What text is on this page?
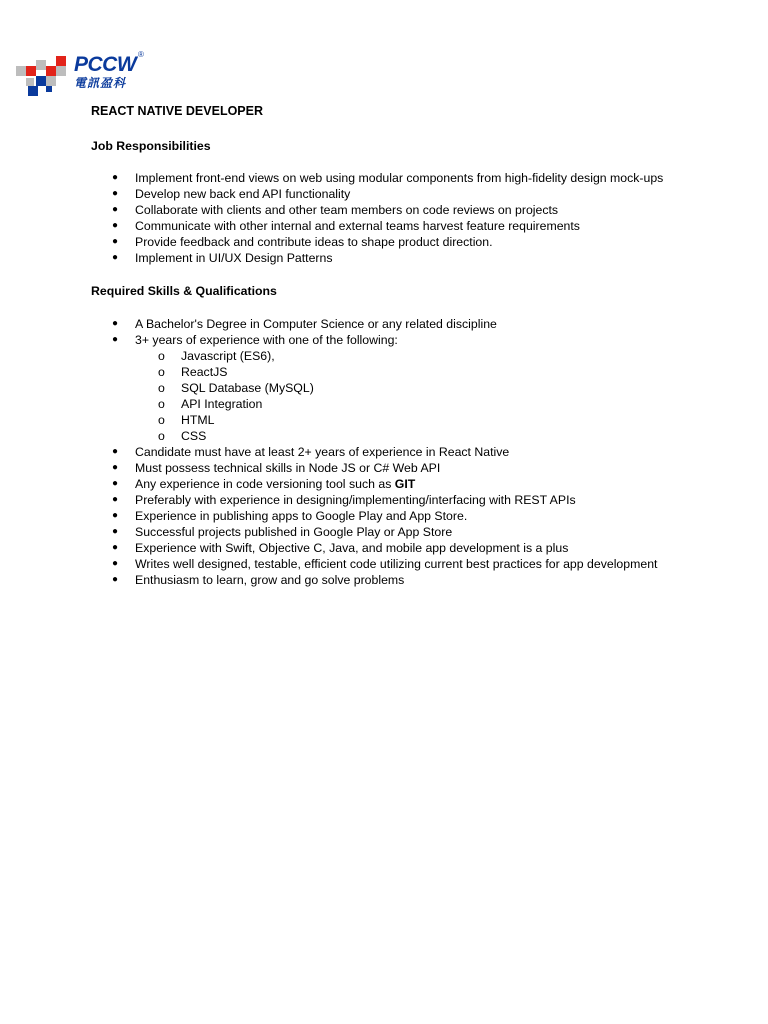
PCCW ®
電訊盈科
REACT NATIVE DEVELOPER
Job Responsibilities
● Implement front-end views on web using modular components from high-fidelity design mock-ups
● Develop new back end API functionality
● Collaborate with clients and other team members on code reviews on projects
● Communicate with other internal and external teams harvest feature requirements
● Provide feedback and contribute ideas to shape product direction.
● Implement in UI/UX Design Patterns
Required Skills & Qualifications
● A Bachelor's Degree in Computer Science or any related discipline
● 3+ years of experience with one of the following:
o Javascript (ES6),
o ReactJS
o SQL Database (MySQL)
o API Integration
o HTML
o CSS
● Candidate must have at least 2+ years of experience in React Native
● Must possess technical skills in Node JS or C# Web API
● Any experience in code versioning tool such as GIT
● Preferably with experience in designing/implementing/interfacing with REST APIs
● Experience in publishing apps to Google Play and App Store.
● Successful projects published in Google Play or App Store
● Experience with Swift, Objective C, Java, and mobile app development is a plus
● Writes well designed, testable, efficient code utilizing current best practices for app development
● Enthusiasm to learn, grow and go solve problems
